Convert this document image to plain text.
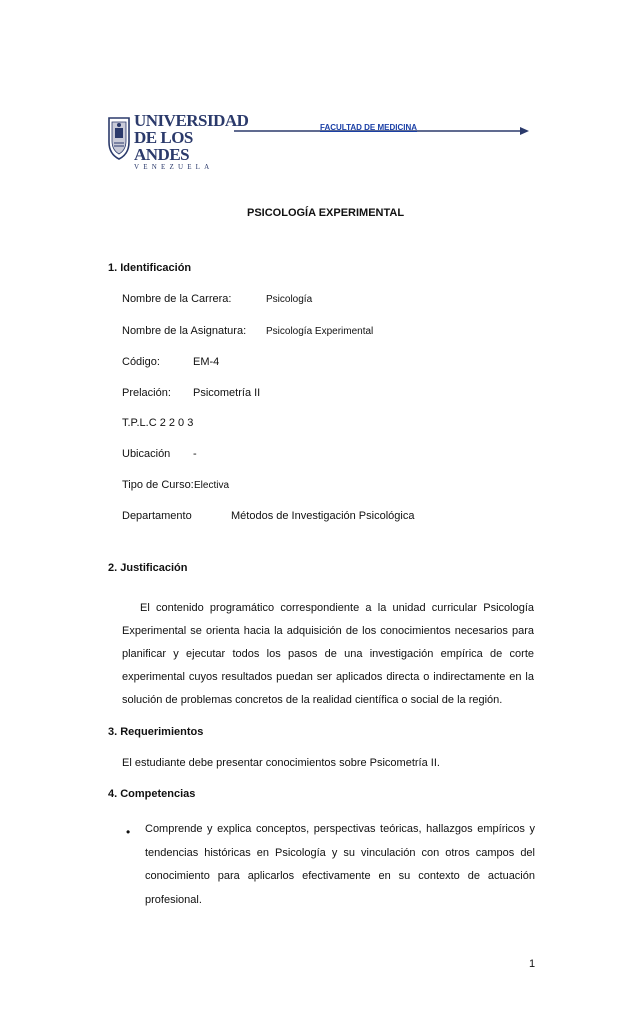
UNIVERSIDAD
DE LOS ANDES
VENEZUELA
FACULTAD DE MEDICINA
PSICOLOGÍA EXPERIMENTAL
1. Identificación
Nombre de la Carrera:	Psicología
Nombre de la Asignatura: Psicología Experimental
Código:	EM-4
Prelación: Psicometría II
T.P.L.C 2 2 0 3
Ubicación -
Tipo de Curso: Electiva
Departamento	Métodos de Investigación Psicológica
2. Justificación
El contenido programático correspondiente a la unidad curricular Psicología Experimental se orienta hacia la adquisición de los conocimientos necesarios para planificar y ejecutar todos los pasos de una investigación empírica de corte experimental cuyos resultados puedan ser aplicados directa o indirectamente en la solución de problemas concretos de la realidad científica o social de la región.
3. Requerimientos
El estudiante debe presentar conocimientos sobre Psicometría II.
4. Competencias
• Comprende y explica conceptos, perspectivas teóricas, hallazgos empíricos y tendencias históricas en Psicología y su vinculación con otros campos del conocimiento para aplicarlos efectivamente en su contexto de actuación profesional.
1
